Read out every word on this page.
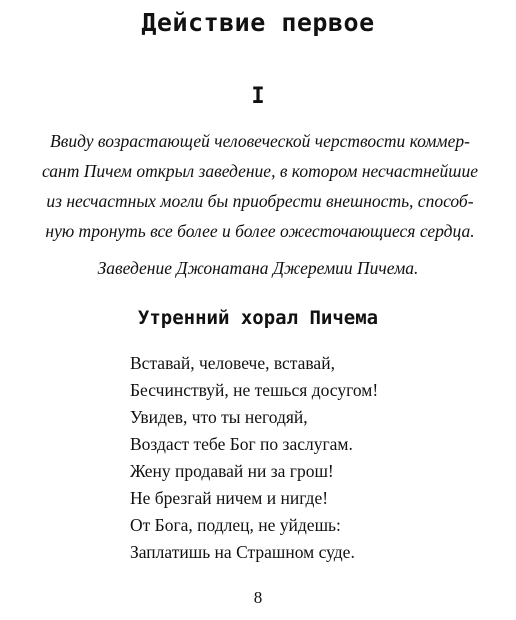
Действие первое
I
Ввиду возрастающей человеческой черствости коммер-
сант Пичем открыл заведение, в котором несчастнейшие
из несчастных могли бы приобрести внешность, способ-
ную тронуть все более и более ожесточающиеся сердца.
Заведение Джонатана Джеремии Пичема.
Утренний хорал Пичема
Вставай, человече, вставай,
Бесчинствуй, не тешься досугом!
Увидев, что ты негодяй,
Воздаст тебе Бог по заслугам.
Жену продавай ни за грош!
Не брезгай ничем и нигде!
От Бога, подлец, не уйдешь:
Заплатишь на Страшном суде.
8
